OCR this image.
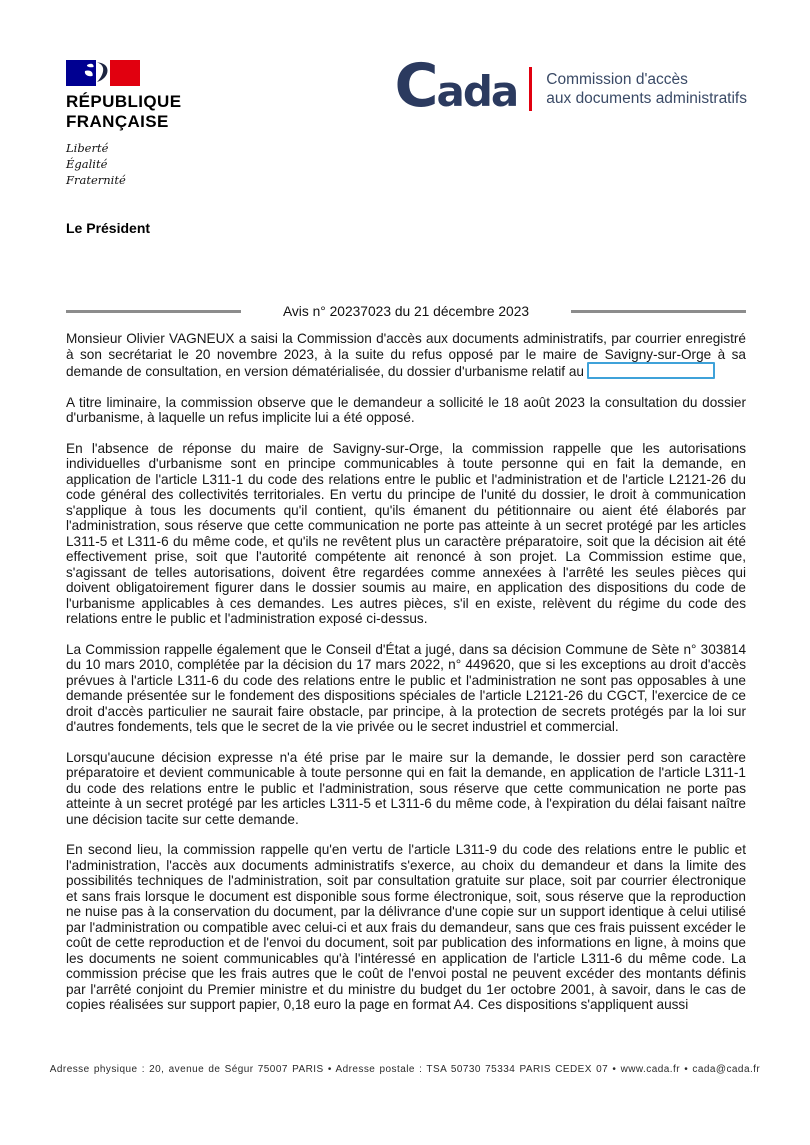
RÉPUBLIQUE
FRANÇAISE
Liberté
Égalité
Fraternité
Cada Commission d'accès
aux documents administratifs
Le Président
Avis n° 20237023 du 21 décembre 2023

Monsieur Olivier VAGNEUX a saisi la Commission d'accès aux documents administratifs, par courrier enregistré à son secrétariat le 20 novembre 2023, à la suite du refus opposé par le maire de Savigny-sur-Orge à sa demande de consultation, en version dématérialisée, du dossier d'urbanisme relatif au

A titre liminaire, la commission observe que le demandeur a sollicité le 18 août 2023 la consultation du dossier d'urbanisme, à laquelle un refus implicite lui a été opposé.

En l'absence de réponse du maire de Savigny-sur-Orge, la commission rappelle que les autorisations individuelles d'urbanisme sont en principe communicables à toute personne qui en fait la demande, en application de l'article L311-1 du code des relations entre le public et l'administration et de l'article L2121-26 du code général des collectivités territoriales. En vertu du principe de l'unité du dossier, le droit à communication s'applique à tous les documents qu'il contient, qu'ils émanent du pétitionnaire ou aient été élaborés par l'administration, sous réserve que cette communication ne porte pas atteinte à un secret protégé par les articles L311-5 et L311-6 du même code, et qu'ils ne revêtent plus un caractère préparatoire, soit que la décision ait été effectivement prise, soit que l'autorité compétente ait renoncé à son projet. La Commission estime que, s'agissant de telles autorisations, doivent être regardées comme annexées à l'arrêté les seules pièces qui doivent obligatoirement figurer dans le dossier soumis au maire, en application des dispositions du code de l'urbanisme applicables à ces demandes. Les autres pièces, s'il en existe, relèvent du régime du code des relations entre le public et l'administration exposé ci-dessus.

La Commission rappelle également que le Conseil d'État a jugé, dans sa décision Commune de Sète n° 303814 du 10 mars 2010, complétée par la décision du 17 mars 2022, n° 449620, que si les exceptions au droit d'accès prévues à l'article L311-6 du code des relations entre le public et l'administration ne sont pas opposables à une demande présentée sur le fondement des dispositions spéciales de l'article L2121-26 du CGCT, l'exercice de ce droit d'accès particulier ne saurait faire obstacle, par principe, à la protection de secrets protégés par la loi sur d'autres fondements, tels que le secret de la vie privée ou le secret industriel et commercial.

Lorsqu'aucune décision expresse n'a été prise par le maire sur la demande, le dossier perd son caractère préparatoire et devient communicable à toute personne qui en fait la demande, en application de l'article L311-1 du code des relations entre le public et l'administration, sous réserve que cette communication ne porte pas atteinte à un secret protégé par les articles L311-5 et L311-6 du même code, à l'expiration du délai faisant naître une décision tacite sur cette demande.

En second lieu, la commission rappelle qu'en vertu de l'article L311-9 du code des relations entre le public et l'administration, l'accès aux documents administratifs s'exerce, au choix du demandeur et dans la limite des possibilités techniques de l'administration, soit par consultation gratuite sur place, soit par courrier électronique et sans frais lorsque le document est disponible sous forme électronique, soit, sous réserve que la reproduction ne nuise pas à la conservation du document, par la délivrance d'une copie sur un support identique à celui utilisé par l'administration ou compatible avec celui-ci et aux frais du demandeur, sans que ces frais puissent excéder le coût de cette reproduction et de l'envoi du document, soit par publication des informations en ligne, à moins que les documents ne soient communicables qu'à l'intéressé en application de l'article L311-6 du même code. La commission précise que les frais autres que le coût de l'envoi postal ne peuvent excéder des montants définis par l'arrêté conjoint du Premier ministre et du ministre du budget du 1er octobre 2001, à savoir, dans le cas de copies réalisées sur support papier, 0,18 euro la page en format A4. Ces dispositions s'appliquent aussi

Adresse physique : 20, avenue de Ségur 75007 PARIS • Adresse postale : TSA 50730 75334 PARIS CEDEX 07 • www.cada.fr • cada@cada.fr
